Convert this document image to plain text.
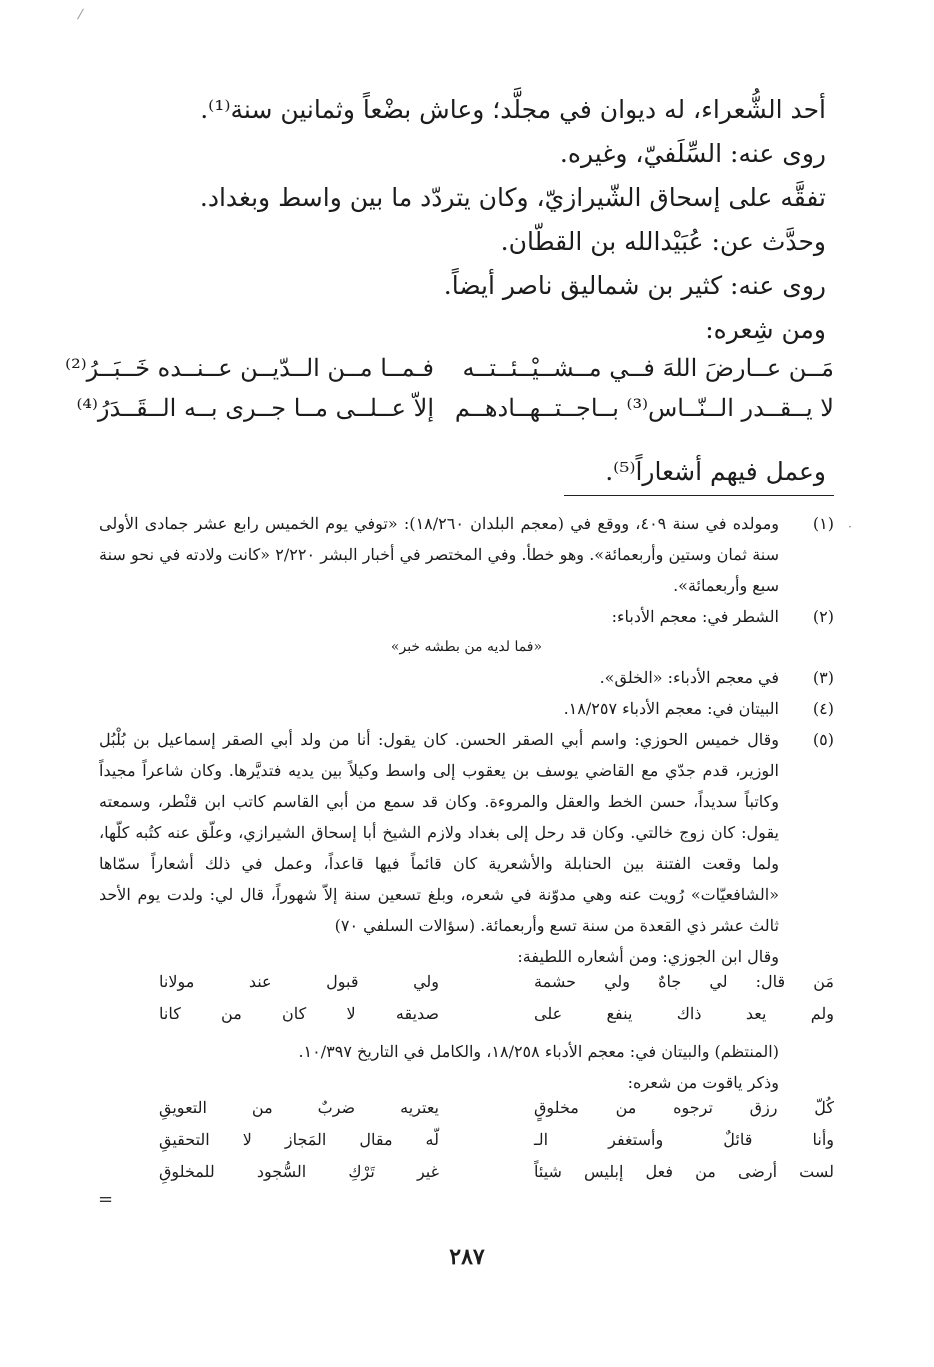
أحد الشُّعراء، له ديوان في مجلَّد؛ وعاش بضْعاً وثمانين سنة⁽¹⁾.
روى عنه: السِّلَفيّ، وغيره.
تفقَّه على إسحاق الشّيرازيّ، وكان يتردّد ما بين واسط وبغداد.
وحدَّث عن: عُبَيْدالله بن القطّان.
روى عنه: كثير بن شماليق ناصر أيضاً.
ومن شِعره:
مَــن عــارضَ اللهَ فــي مــشــيْــئــتــه
فـمــا مــن الــدّيــن عــنــده خَــبَــرُ⁽²⁾
لا يــقــدر الــنّــاس⁽³⁾ بــاجــتــهــادهــم
إلاّ عــلــى مــا جــرى بــه الــقَــدَرُ⁽⁴⁾
وعمل فيهم أشعاراً⁽⁵⁾.
·
(١)
ومولده في سنة ٤٠٩، ووقع في (معجم البلدان ١٨/٢٦٠): «توفي يوم الخميس رابع عشر جمادى الأولى سنة ثمان وستين وأربعمائة». وهو خطأ. وفي المختصر في أخبار البشر ٢/٢٢٠ «كانت ولادته في نحو سنة سبع وأربعمائة».
(٢)
الشطر في: معجم الأدباء:
«فما لديه من بطشه خبر»
(٣)
في معجم الأدباء: «الخلق».
(٤)
البيتان في: معجم الأدباء ١٨/٢٥٧.
(٥)
وقال خميس الحوزي: واسم أبي الصقر الحسن. كان يقول: أنا من ولد أبي الصقر إسماعيل بن بُلْبُل الوزير، قدم جدّي مع القاضي يوسف بن يعقوب إلى واسط وكيلاً بين يديه فتديَّرها. وكان شاعراً مجيداً وكاتباً سديداً، حسن الخط والعقل والمروءة. وكان قد سمع من أبي القاسم كاتب ابن قنْطر، وسمعته يقول: كان زوج خالتي. وكان قد رحل إلى بغداد ولازم الشيخ أبا إسحاق الشيرازي، وعلّق عنه كتُبه كلّها، ولما وقعت الفتنة بين الحنابلة والأشعرية كان قائماً فيها قاعداً، وعمل في ذلك أشعاراً سمّاها «الشافعيّات» رُويت عنه وهي مدوّنة في شعره، وبلغ تسعين سنة إلاّ شهوراً، قال لي: ولدت يوم الأحد ثالث عشر ذي القعدة من سنة تسع وأربعمائة. (سؤالات السلفي ٧٠)
وقال ابن الجوزي: ومن أشعاره اللطيفة:
مَن قال: لي جاهٌ ولي حشمة
ولي قبول عند مولانا
ولم يعد ذاك ينفع على
صديقه لا كان من كانا
(المنتظم) والبيتان في: معجم الأدباء ١٨/٢٥٨، والكامل في التاريخ ١٠/٣٩٧.
وذكر ياقوت من شعره:
كُلّ رزق ترجوه من مخلوقٍ
يعتريه ضربٌ من التعويقِ
وأنا قائلٌ وأستغفر الـ
لّه مقال المَجاز لا التحقيقِ
لست أرضى من فعل إبليس شيئاً
غير تَرْكِ السُّجود للمخلوقِ
=
٢٨٧
